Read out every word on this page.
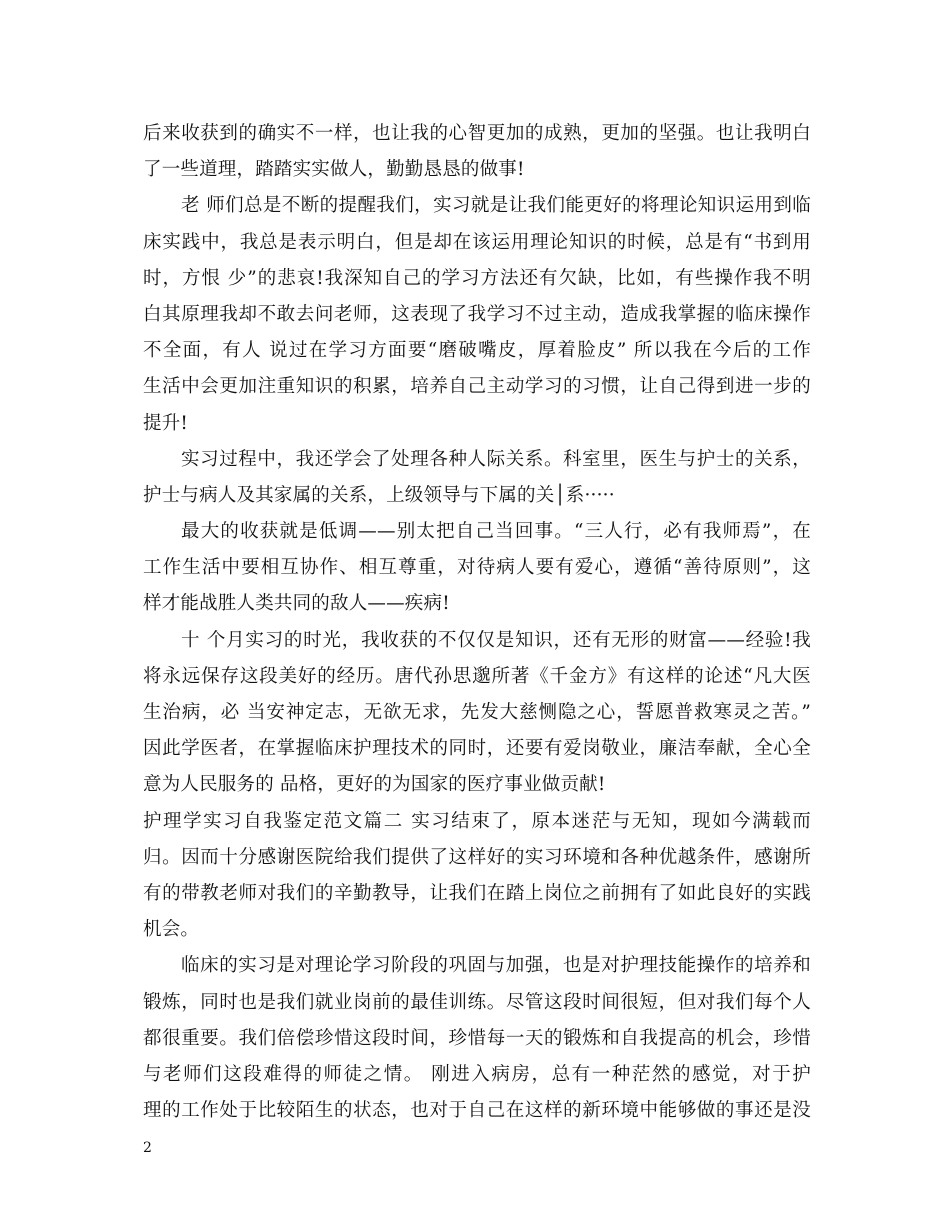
后来收获到的确实不一样，也让我的心智更加的成熟，更加的坚强。也让我明白
了一些道理，踏踏实实做人，勤勤恳恳的做事!
老 师们总是不断的提醒我们，实习就是让我们能更好的将理论知识运用到临
床实践中，我总是表示明白，但是却在该运用理论知识的时候，总是有“书到用
时，方恨 少”的悲哀!我深知自己的学习方法还有欠缺，比如，有些操作我不明
白其原理我却不敢去问老师，这表现了我学习不过主动，造成我掌握的临床操作
不全面，有人 说过在学习方面要“磨破嘴皮，厚着脸皮” 所以我在今后的工作
生活中会更加注重知识的积累，培养自己主动学习的习惯，让自己得到进一步的
提升!
实习过程中，我还学会了处理各种人际关系。科室里，医生与护士的关系，
护士与病人及其家属的关系，上级领导与下属的关│系·····
最大的收获就是低调——别太把自己当回事。“三人行，必有我师焉”，在
工作生活中要相互协作、相互尊重，对待病人要有爱心，遵循“善待原则”，这
样才能战胜人类共同的敌人——疾病!
十 个月实习的时光，我收获的不仅仅是知识，还有无形的财富——经验!我
将永远保存这段美好的经历。唐代孙思邈所著《千金方》有这样的论述“凡大医
生治病，必 当安神定志，无欲无求，先发大慈恻隐之心，誓愿普救寒灵之苦。”
因此学医者，在掌握临床护理技术的同时，还要有爱岗敬业，廉洁奉献，全心全
意为人民服务的 品格，更好的为国家的医疗事业做贡献!
护理学实习自我鉴定范文篇二 实习结束了，原本迷茫与无知，现如今满载而
归。因而十分感谢医院给我们提供了这样好的实习环境和各种优越条件，感谢所
有的带教老师对我们的辛勤教导，让我们在踏上岗位之前拥有了如此良好的实践
机会。
临床的实习是对理论学习阶段的巩固与加强，也是对护理技能操作的培养和
锻炼，同时也是我们就业岗前的最佳训练。尽管这段时间很短，但对我们每个人
都很重要。我们倍偿珍惜这段时间，珍惜每一天的锻炼和自我提高的机会，珍惜
与老师们这段难得的师徒之情。 刚进入病房，总有一种茫然的感觉，对于护
理的工作处于比较陌生的状态，也对于自己在这样的新环境中能够做的事还是没
2
